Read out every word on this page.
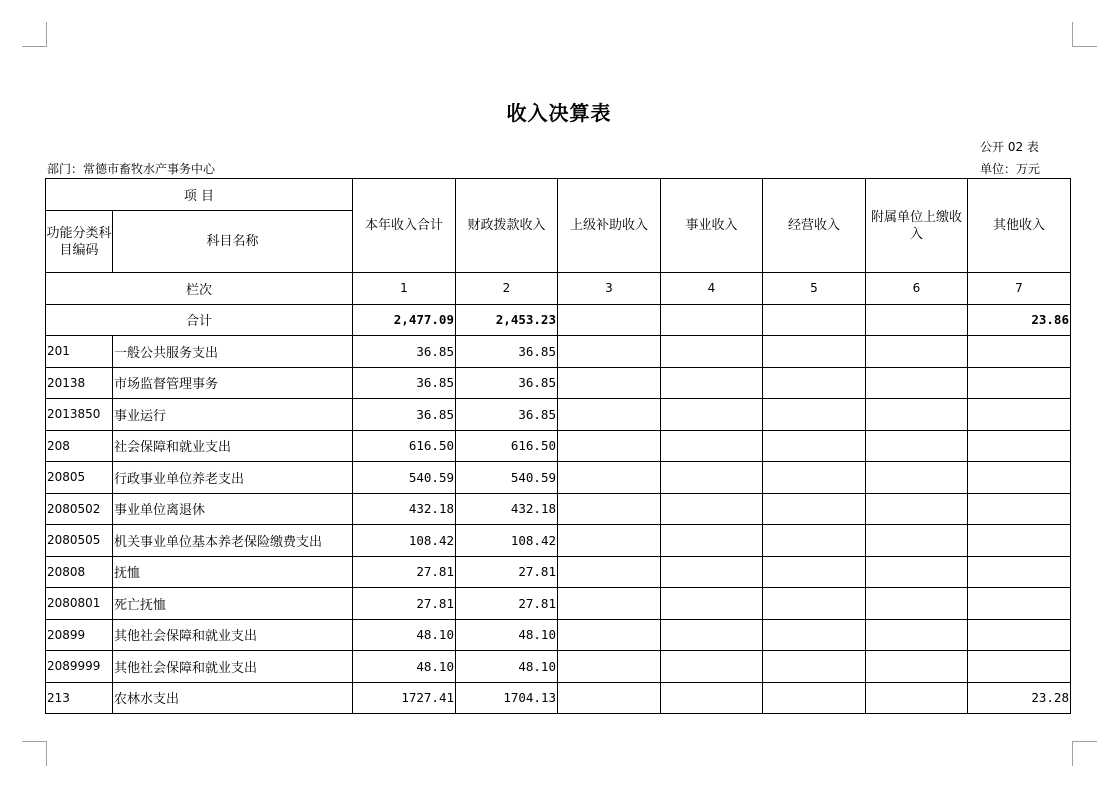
收入决算表
公开 02 表
部门：常德市畜牧水产事务中心	单位：万元
项 目		本年收入合计	财政拨款收入	上级补助收入	事业收入	经营收入	附属单位上缴收入	其他收入
功能分类科目编码	科目名称							
栏次		1	2	3	4	5	6	7
合计		2,477.09	2,453.23					23.86
201	一般公共服务支出	36.85	36.85					
20138	市场监督管理事务	36.85	36.85					
2013850	事业运行	36.85	36.85					
208	社会保障和就业支出	616.50	616.50					
20805	行政事业单位养老支出	540.59	540.59					
2080502	事业单位离退休	432.18	432.18					
2080505	机关事业单位基本养老保险缴费支出	108.42	108.42					
20808	抚恤	27.81	27.81					
2080801	死亡抚恤	27.81	27.81					
20899	其他社会保障和就业支出	48.10	48.10					
2089999	其他社会保障和就业支出	48.10	48.10					
213	农林水支出	1727.41	1704.13					23.28
